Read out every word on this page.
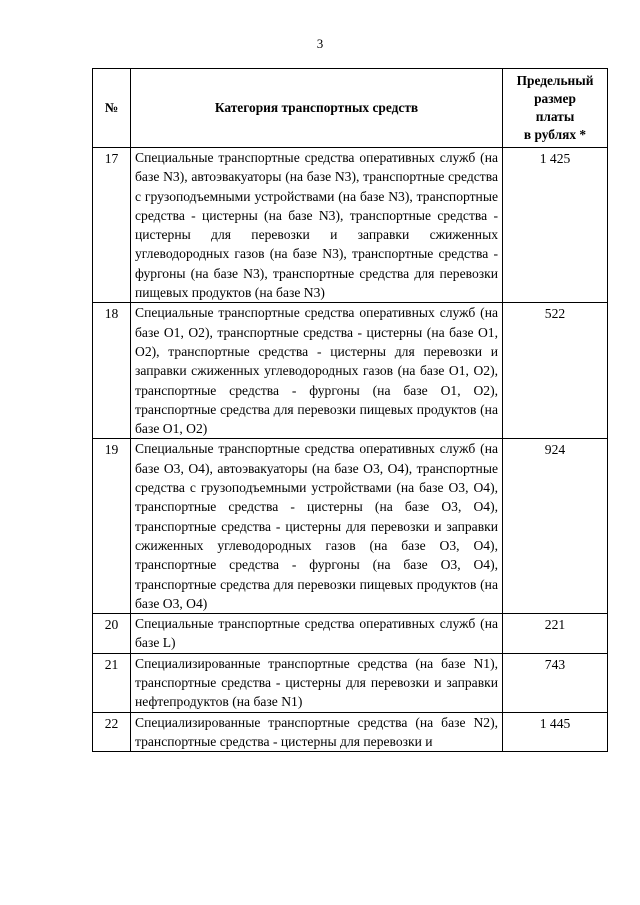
3
№	Категория транспортных средств	Предельный
размер
платы
в рублях *
17	Специальные транспортные средства оперативных служб (на базе N3), автоэвакуаторы (на базе N3), транспортные средства с грузоподъемными устройствами (на базе N3), транспортные средства - цистерны (на базе N3), транспортные средства - цистерны для перевозки и заправки сжиженных углеводородных газов (на базе N3), транспортные средства - фургоны (на базе N3), транспортные средства для перевозки пищевых продуктов (на базе N3)	1 425
18	Специальные транспортные средства оперативных служб (на базе O1, O2), транспортные средства - цистерны (на базе O1, O2), транспортные средства - цистерны для перевозки и заправки сжиженных углеводородных газов (на базе O1, O2), транспортные средства - фургоны (на базе O1, O2), транспортные средства для перевозки пищевых продуктов (на базе O1, O2)	522
19	Специальные транспортные средства оперативных служб (на базе O3, O4), автоэвакуаторы (на базе O3, O4), транспортные средства с грузоподъемными устройствами (на базе O3, O4), транспортные средства - цистерны (на базе O3, O4), транспортные средства - цистерны для перевозки и заправки сжиженных углеводородных газов (на базе O3, O4), транспортные средства - фургоны (на базе O3, O4), транспортные средства для перевозки пищевых продуктов (на базе O3, O4)	924
20	Специальные транспортные средства оперативных служб (на базе L)	221
21	Специализированные транспортные средства (на базе N1), транспортные средства - цистерны для перевозки и заправки нефтепродуктов (на базе N1)	743
22	Специализированные транспортные средства (на базе N2), транспортные средства - цистерны для перевозки и	1 445
